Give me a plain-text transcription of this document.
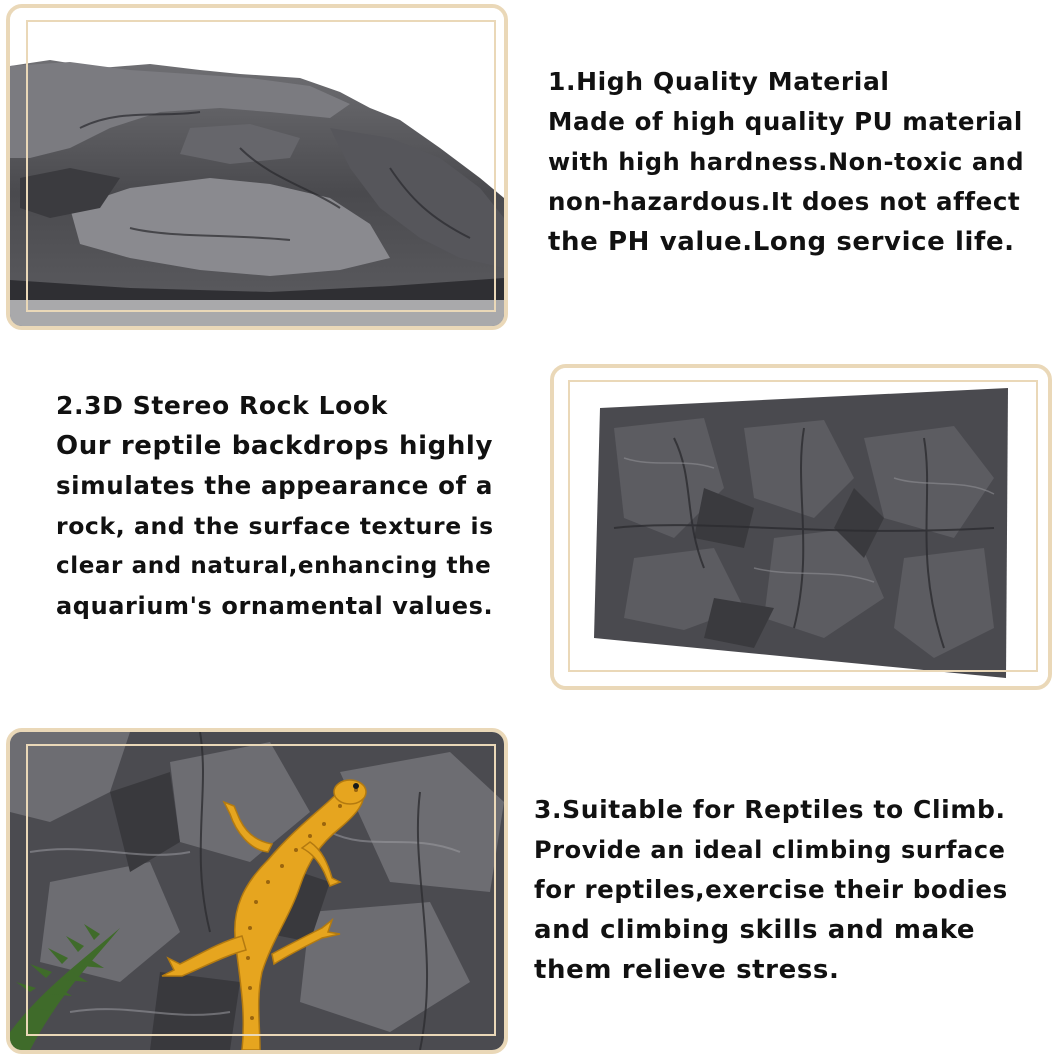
1.High Quality Material
Made of high quality PU material
with high hardness.Non-toxic and
non-hazardous.It does not affect
the PH value.Long service life.
2.3D Stereo Rock Look
Our reptile backdrops highly
simulates the appearance of a
rock, and the surface texture is
clear and natural,enhancing the
aquarium's ornamental values.
3.Suitable for Reptiles to Climb.
Provide an ideal climbing surface
for reptiles,exercise their bodies
and climbing skills and make
them relieve stress.
